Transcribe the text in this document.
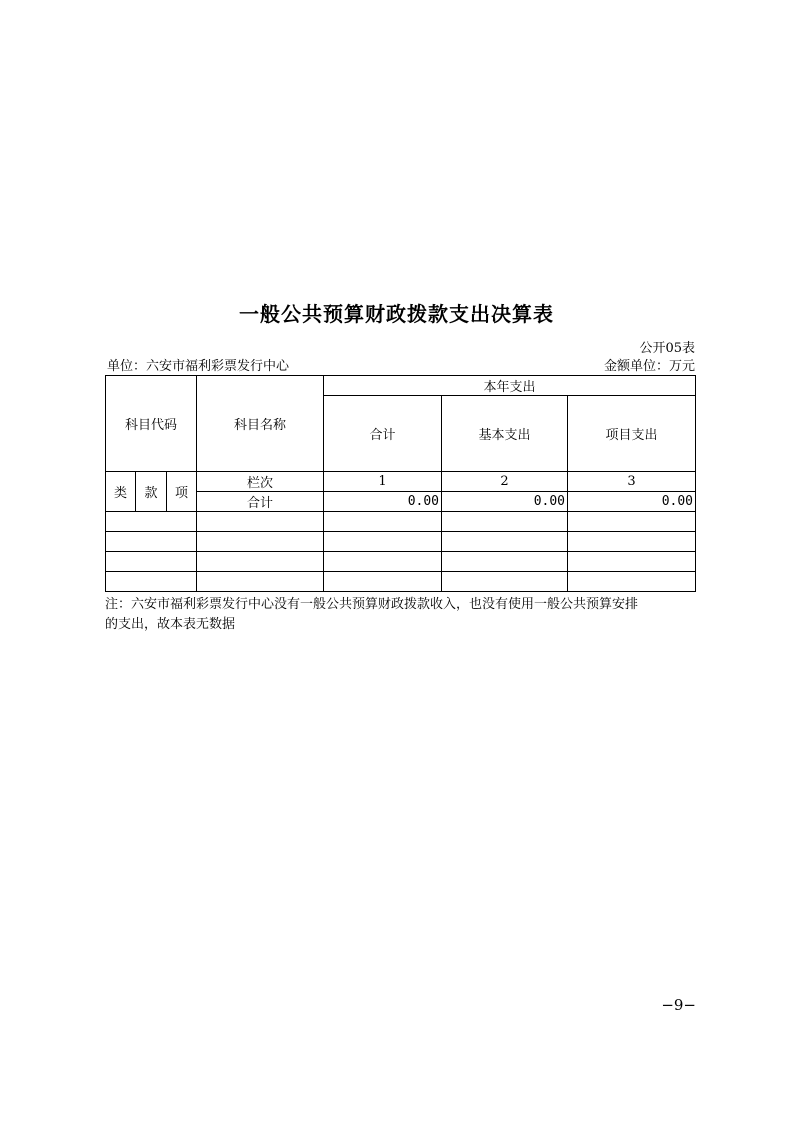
一般公共预算财政拨款支出决算表
公开05表
单位：六安市福利彩票发行中心	金额单位：万元
科目代码			科目名称	本年支出		
				合计	基本支出	项目支出
类	款	项	栏次	1	2	3
			合计	0.00	0.00	0.00

注：六安市福利彩票发行中心没有一般公共预算财政拨款收入，也没有使用一般公共预算安排
的支出，故本表无数据
−9−
